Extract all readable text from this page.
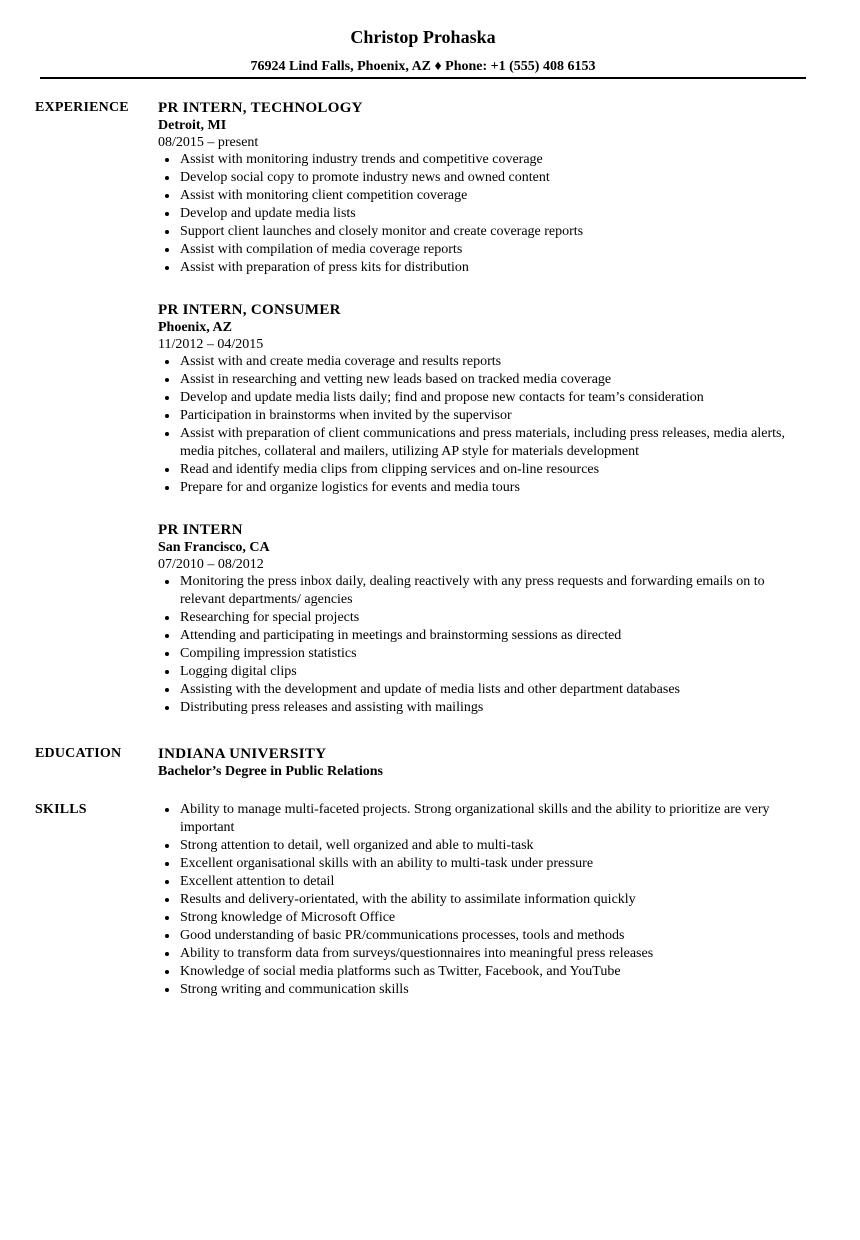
Christop Prohaska
76924 Lind Falls, Phoenix, AZ ♦ Phone: +1 (555) 408 6153
EXPERIENCE PR INTERN, TECHNOLOGY
Detroit, MI
08/2015 – present
Assist with monitoring industry trends and competitive coverage
Develop social copy to promote industry news and owned content
Assist with monitoring client competition coverage
Develop and update media lists
Support client launches and closely monitor and create coverage reports
Assist with compilation of media coverage reports
Assist with preparation of press kits for distribution
PR INTERN, CONSUMER
Phoenix, AZ
11/2012 – 04/2015
Assist with and create media coverage and results reports
Assist in researching and vetting new leads based on tracked media coverage
Develop and update media lists daily; find and propose new contacts for team’s consideration
Participation in brainstorms when invited by the supervisor
Assist with preparation of client communications and press materials, including press releases, media alerts, media pitches, collateral and mailers, utilizing AP style for materials development
Read and identify media clips from clipping services and on-line resources
Prepare for and organize logistics for events and media tours
PR INTERN
San Francisco, CA
07/2010 – 08/2012
Monitoring the press inbox daily, dealing reactively with any press requests and forwarding emails on to relevant departments/ agencies
Researching for special projects
Attending and participating in meetings and brainstorming sessions as directed
Compiling impression statistics
Logging digital clips
Assisting with the development and update of media lists and other department databases
Distributing press releases and assisting with mailings
EDUCATION INDIANA UNIVERSITY
Bachelor’s Degree in Public Relations
SKILLS	Ability to manage multi-faceted projects. Strong organizational skills and the ability to prioritize are very important
Strong attention to detail, well organized and able to multi-task
Excellent organisational skills with an ability to multi-task under pressure
Excellent attention to detail
Results and delivery-orientated, with the ability to assimilate information quickly
Strong knowledge of Microsoft Office
Good understanding of basic PR/communications processes, tools and methods
Ability to transform data from surveys/questionnaires into meaningful press releases
Knowledge of social media platforms such as Twitter, Facebook, and YouTube
Strong writing and communication skills
